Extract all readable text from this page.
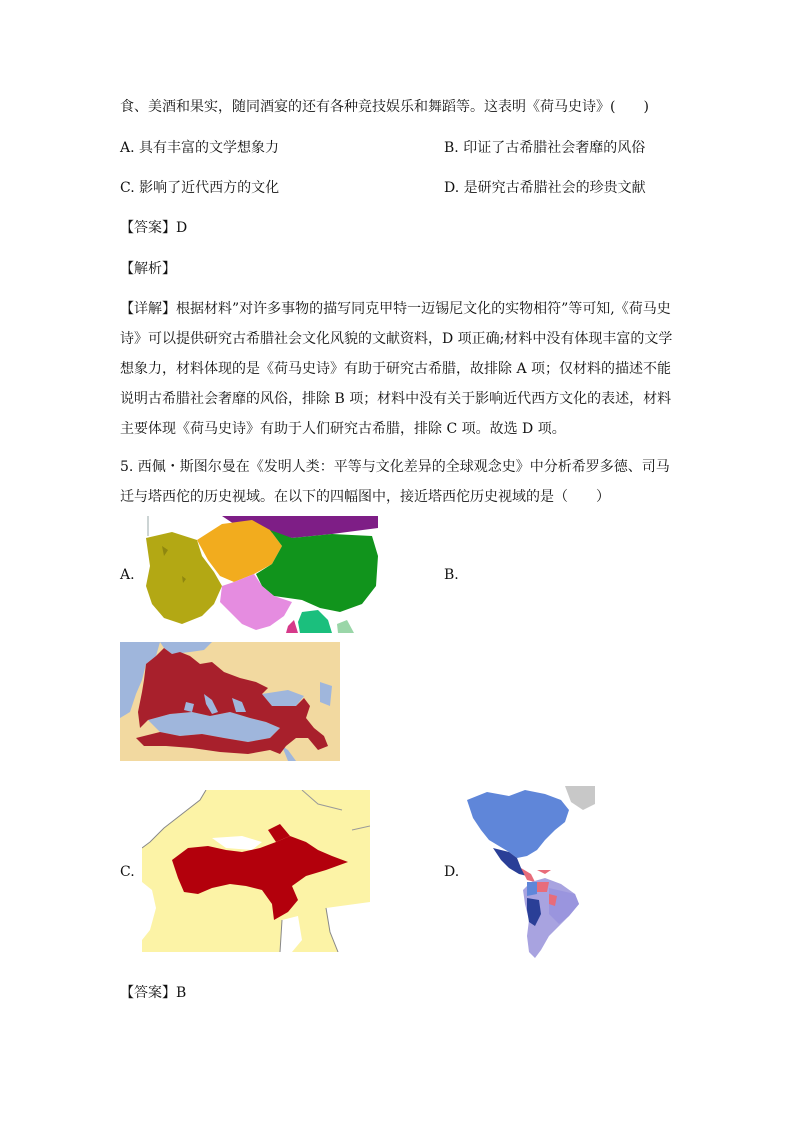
食、美酒和果实，随同酒宴的还有各种竞技娱乐和舞蹈等。这表明《荷马史诗》(　　)
A. 具有丰富的文学想象力	B. 印证了古希腊社会奢靡的风俗
C. 影响了近代西方的文化	D. 是研究古希腊社会的珍贵文献
【答案】D
【解析】
【详解】根据材料”对许多事物的描写同克甲特一迈锡尼文化的实物相符”等可知,《荷马史
诗》可以提供研究古希腊社会文化风貌的文献资料，D 项正确;材料中没有体现丰富的文学
想象力，材料体现的是《荷马史诗》有助于研究古希腊，故排除 A 项；仅材料的描述不能
说明古希腊社会奢靡的风俗，排除 B 项；材料中没有关于影响近代西方文化的表述，材料
主要体现《荷马史诗》有助于人们研究古希腊，排除 C 项。故选 D 项。
5. 西佩・斯图尔曼在《发明人类：平等与文化差异的全球观念史》中分析希罗多德、司马
迁与塔西佗的历史视域。在以下的四幅图中，接近塔西佗历史视域的是（　　）
A.	B.
C.	D.
【答案】B
